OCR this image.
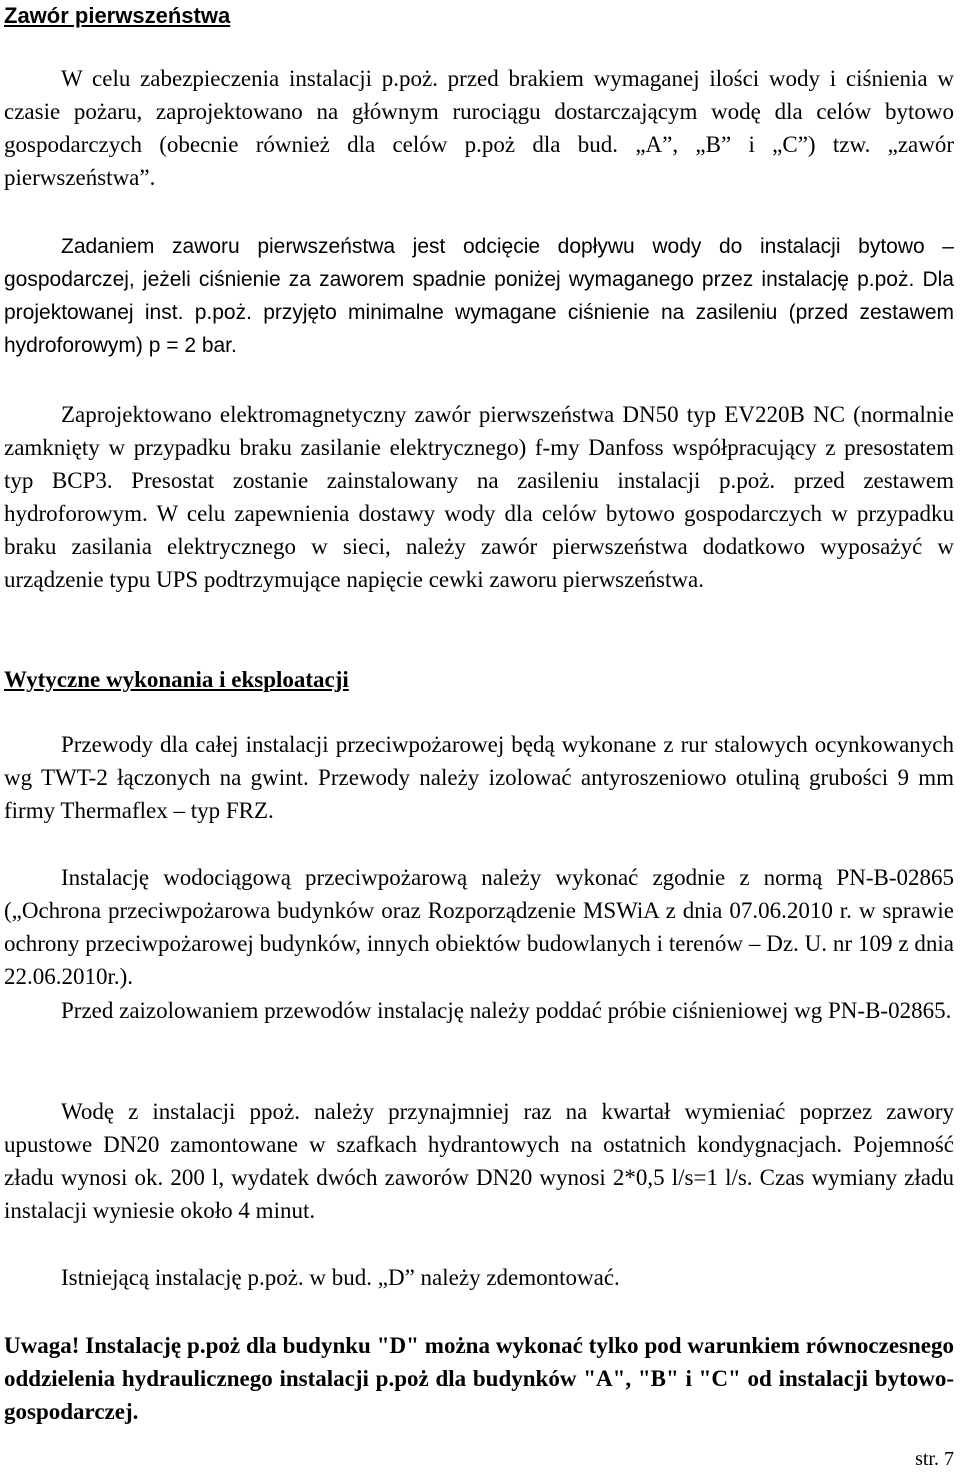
Zawór pierwszeństwa

W celu zabezpieczenia instalacji p.poż. przed brakiem wymaganej ilości wody i ciśnienia w czasie pożaru, zaprojektowano na głównym rurociągu dostarczającym wodę dla celów bytowo gospodarczych (obecnie również dla celów p.poż dla bud. „A”, „B” i „C”) tzw. „zawór pierwszeństwa”.

Zadaniem zaworu pierwszeństwa jest odcięcie dopływu wody do instalacji bytowo – gospodarczej, jeżeli ciśnienie za zaworem spadnie poniżej wymaganego przez instalację p.poż. Dla projektowanej inst. p.poż. przyjęto minimalne wymagane ciśnienie na zasileniu (przed zestawem hydroforowym) p = 2 bar.

Zaprojektowano elektromagnetyczny zawór pierwszeństwa DN50 typ EV220B NC (normalnie zamknięty w przypadku braku zasilanie elektrycznego) f-my Danfoss współpracujący z presostatem typ BCP3. Presostat zostanie zainstalowany na zasileniu instalacji p.poż. przed zestawem hydroforowym. W celu zapewnienia dostawy wody dla celów bytowo gospodarczych w przypadku braku zasilania elektrycznego w sieci, należy zawór pierwszeństwa dodatkowo wyposażyć w urządzenie typu UPS podtrzymujące napięcie cewki zaworu pierwszeństwa.

Wytyczne wykonania i eksploatacji

Przewody dla całej instalacji przeciwpożarowej będą wykonane z rur stalowych ocynkowanych wg TWT-2 łączonych na gwint. Przewody należy izolować antyroszeniowo otuliną grubości 9 mm firmy Thermaflex – typ FRZ.

Instalację wodociągową przeciwpożarową należy wykonać zgodnie z normą PN-B-02865 („Ochrona przeciwpożarowa budynków oraz Rozporządzenie MSWiA z dnia 07.06.2010 r. w sprawie ochrony przeciwpożarowej budynków, innych obiektów budowlanych i terenów – Dz. U. nr 109 z dnia 22.06.2010r.).

Przed zaizolowaniem przewodów instalację należy poddać próbie ciśnieniowej wg PN-B-02865.

Wodę z instalacji ppoż. należy przynajmniej raz na kwartał wymieniać poprzez zawory upustowe DN20 zamontowane w szafkach hydrantowych na ostatnich kondygnacjach. Pojemność zładu wynosi ok. 200 l, wydatek dwóch zaworów DN20 wynosi 2*0,5 l/s=1 l/s. Czas wymiany zładu instalacji wyniesie około 4 minut.

Istniejącą instalację p.poż. w bud. „D” należy zdemontować.

Uwaga! Instalację p.poż dla budynku "D" można wykonać tylko pod warunkiem równoczesnego oddzielenia hydraulicznego instalacji p.poż dla budynków "A", "B" i "C" od instalacji bytowo-gospodarczej.

str. 7
